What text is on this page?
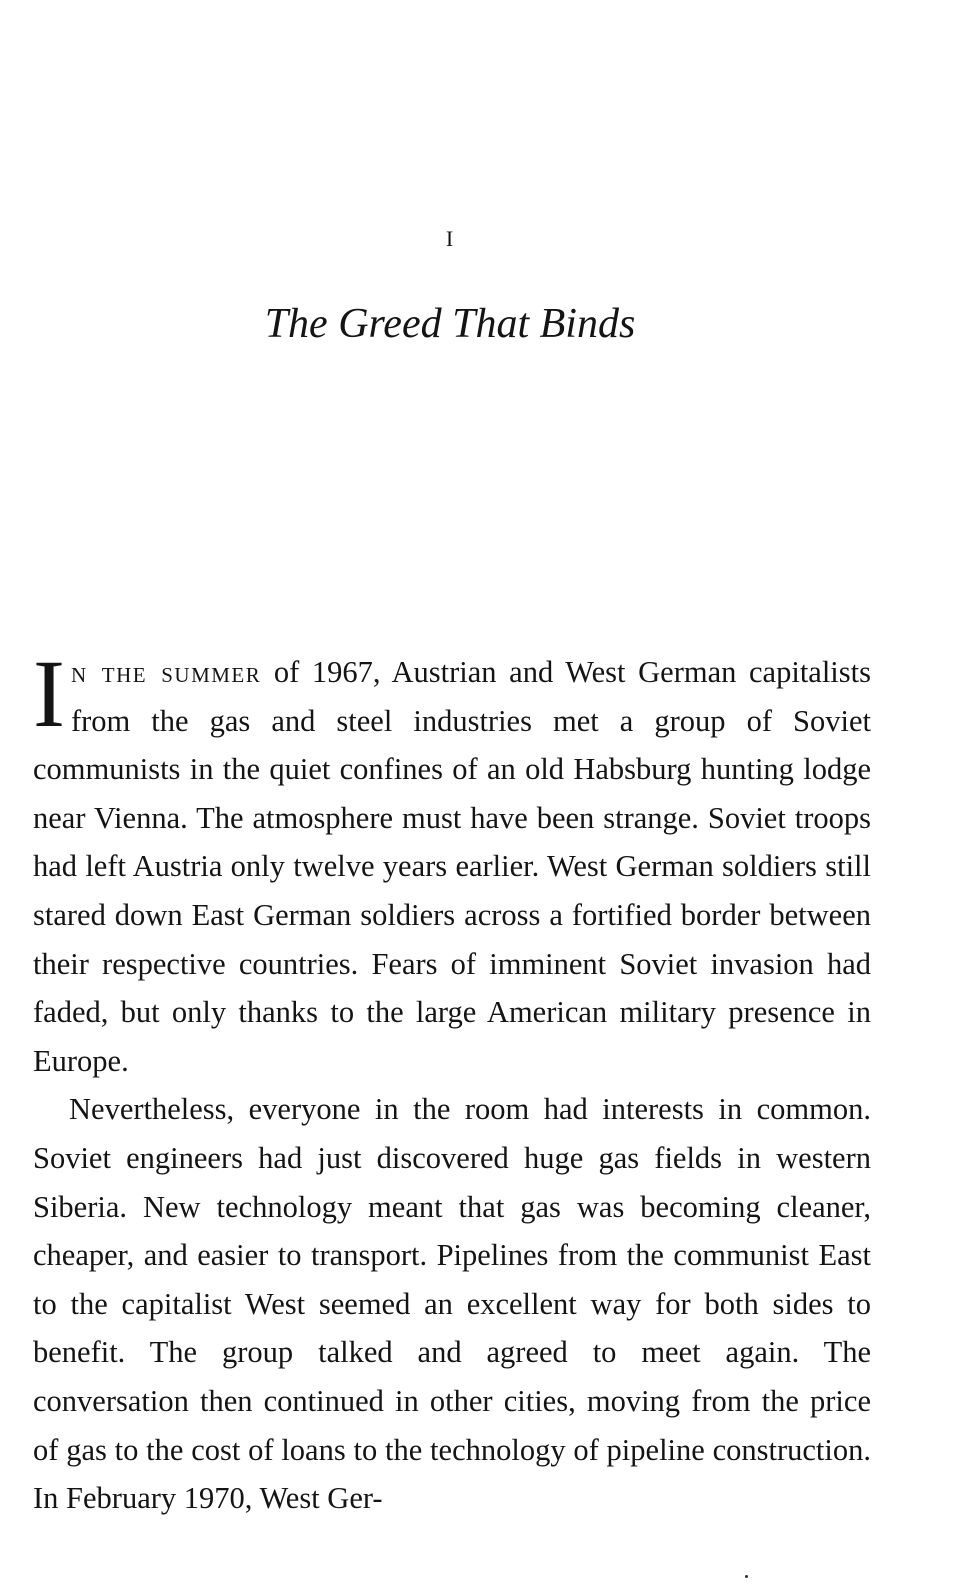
I
The Greed That Binds

In the summer of 1967, Austrian and West German capitalists from the gas and steel industries met a group of Soviet communists in the quiet confines of an old Habsburg hunting lodge near Vienna. The atmosphere must have been strange. Soviet troops had left Austria only twelve years earlier. West German soldiers still stared down East German soldiers across a fortified border between their respective countries. Fears of imminent Soviet invasion had faded, but only thanks to the large American military presence in Europe.

Nevertheless, everyone in the room had interests in common. Soviet engineers had just discovered huge gas fields in western Siberia. New technology meant that gas was becoming cleaner, cheaper, and easier to transport. Pipelines from the communist East to the capitalist West seemed an excellent way for both sides to benefit. The group talked and agreed to meet again. The conversation then continued in other cities, moving from the price of gas to the cost of loans to the technology of pipeline construction. In February 1970, West Ger-
